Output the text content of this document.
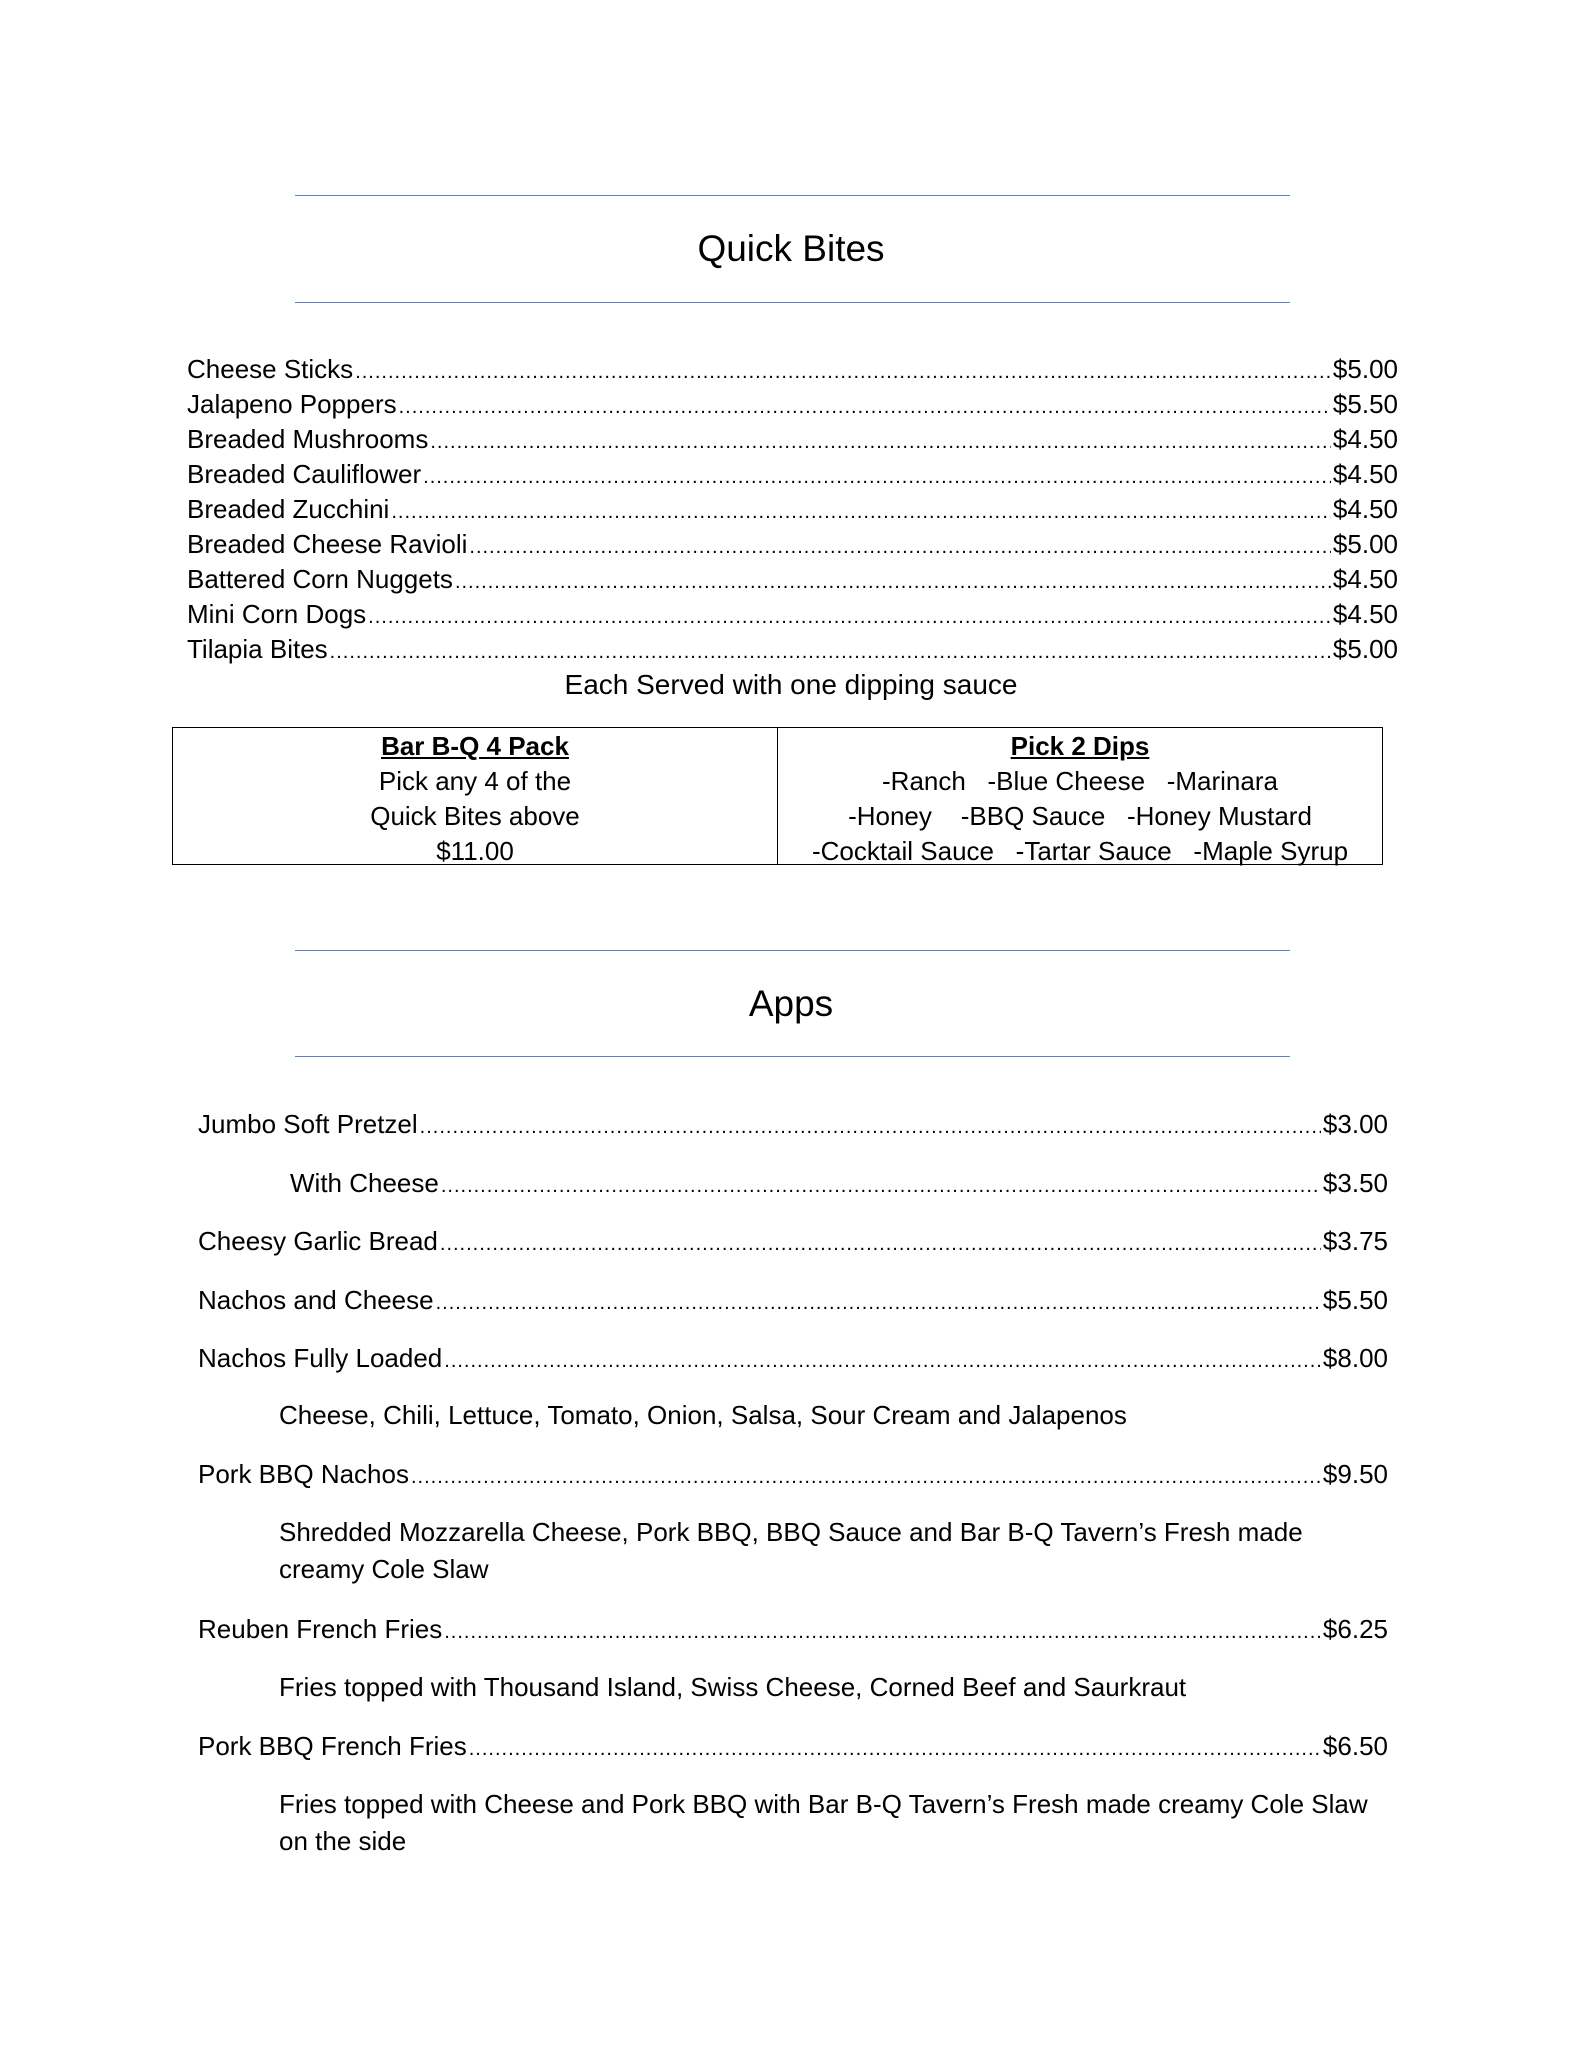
Quick Bites
Cheese Sticks .....	$5.00
Jalapeno Poppers .....	$5.50
Breaded Mushrooms .....	$4.50
Breaded Cauliflower .....	$4.50
Breaded Zucchini .....	$4.50
Breaded Cheese Ravioli .....	$5.00
Battered Corn Nuggets .....	$4.50
Mini Corn Dogs .....	$4.50
Tilapia Bites .....	$5.00
Each Served with one dipping sauce
Bar B-Q 4 Pack
Pick any 4 of the
Quick Bites above
$11.00
Pick 2 Dips
-Ranch   -Blue Cheese   -Marinara
-Honey    -BBQ Sauce   -Honey Mustard
-Cocktail Sauce   -Tartar Sauce   -Maple Syrup
Apps
Jumbo Soft Pretzel .....	$3.00
With Cheese .....	$3.50
Cheesy Garlic Bread .....	$3.75
Nachos and Cheese .....	$5.50
Nachos Fully Loaded .....	$8.00
Cheese, Chili, Lettuce, Tomato, Onion, Salsa, Sour Cream and Jalapenos
Pork BBQ Nachos .....	$9.50
Shredded Mozzarella Cheese, Pork BBQ, BBQ Sauce and Bar B-Q Tavern’s Fresh made creamy Cole Slaw
Reuben French Fries .....	$6.25
Fries topped with Thousand Island, Swiss Cheese, Corned Beef and Saurkraut
Pork BBQ French Fries .....	$6.50
Fries topped with Cheese and Pork BBQ with Bar B-Q Tavern’s Fresh made creamy Cole Slaw on the side
